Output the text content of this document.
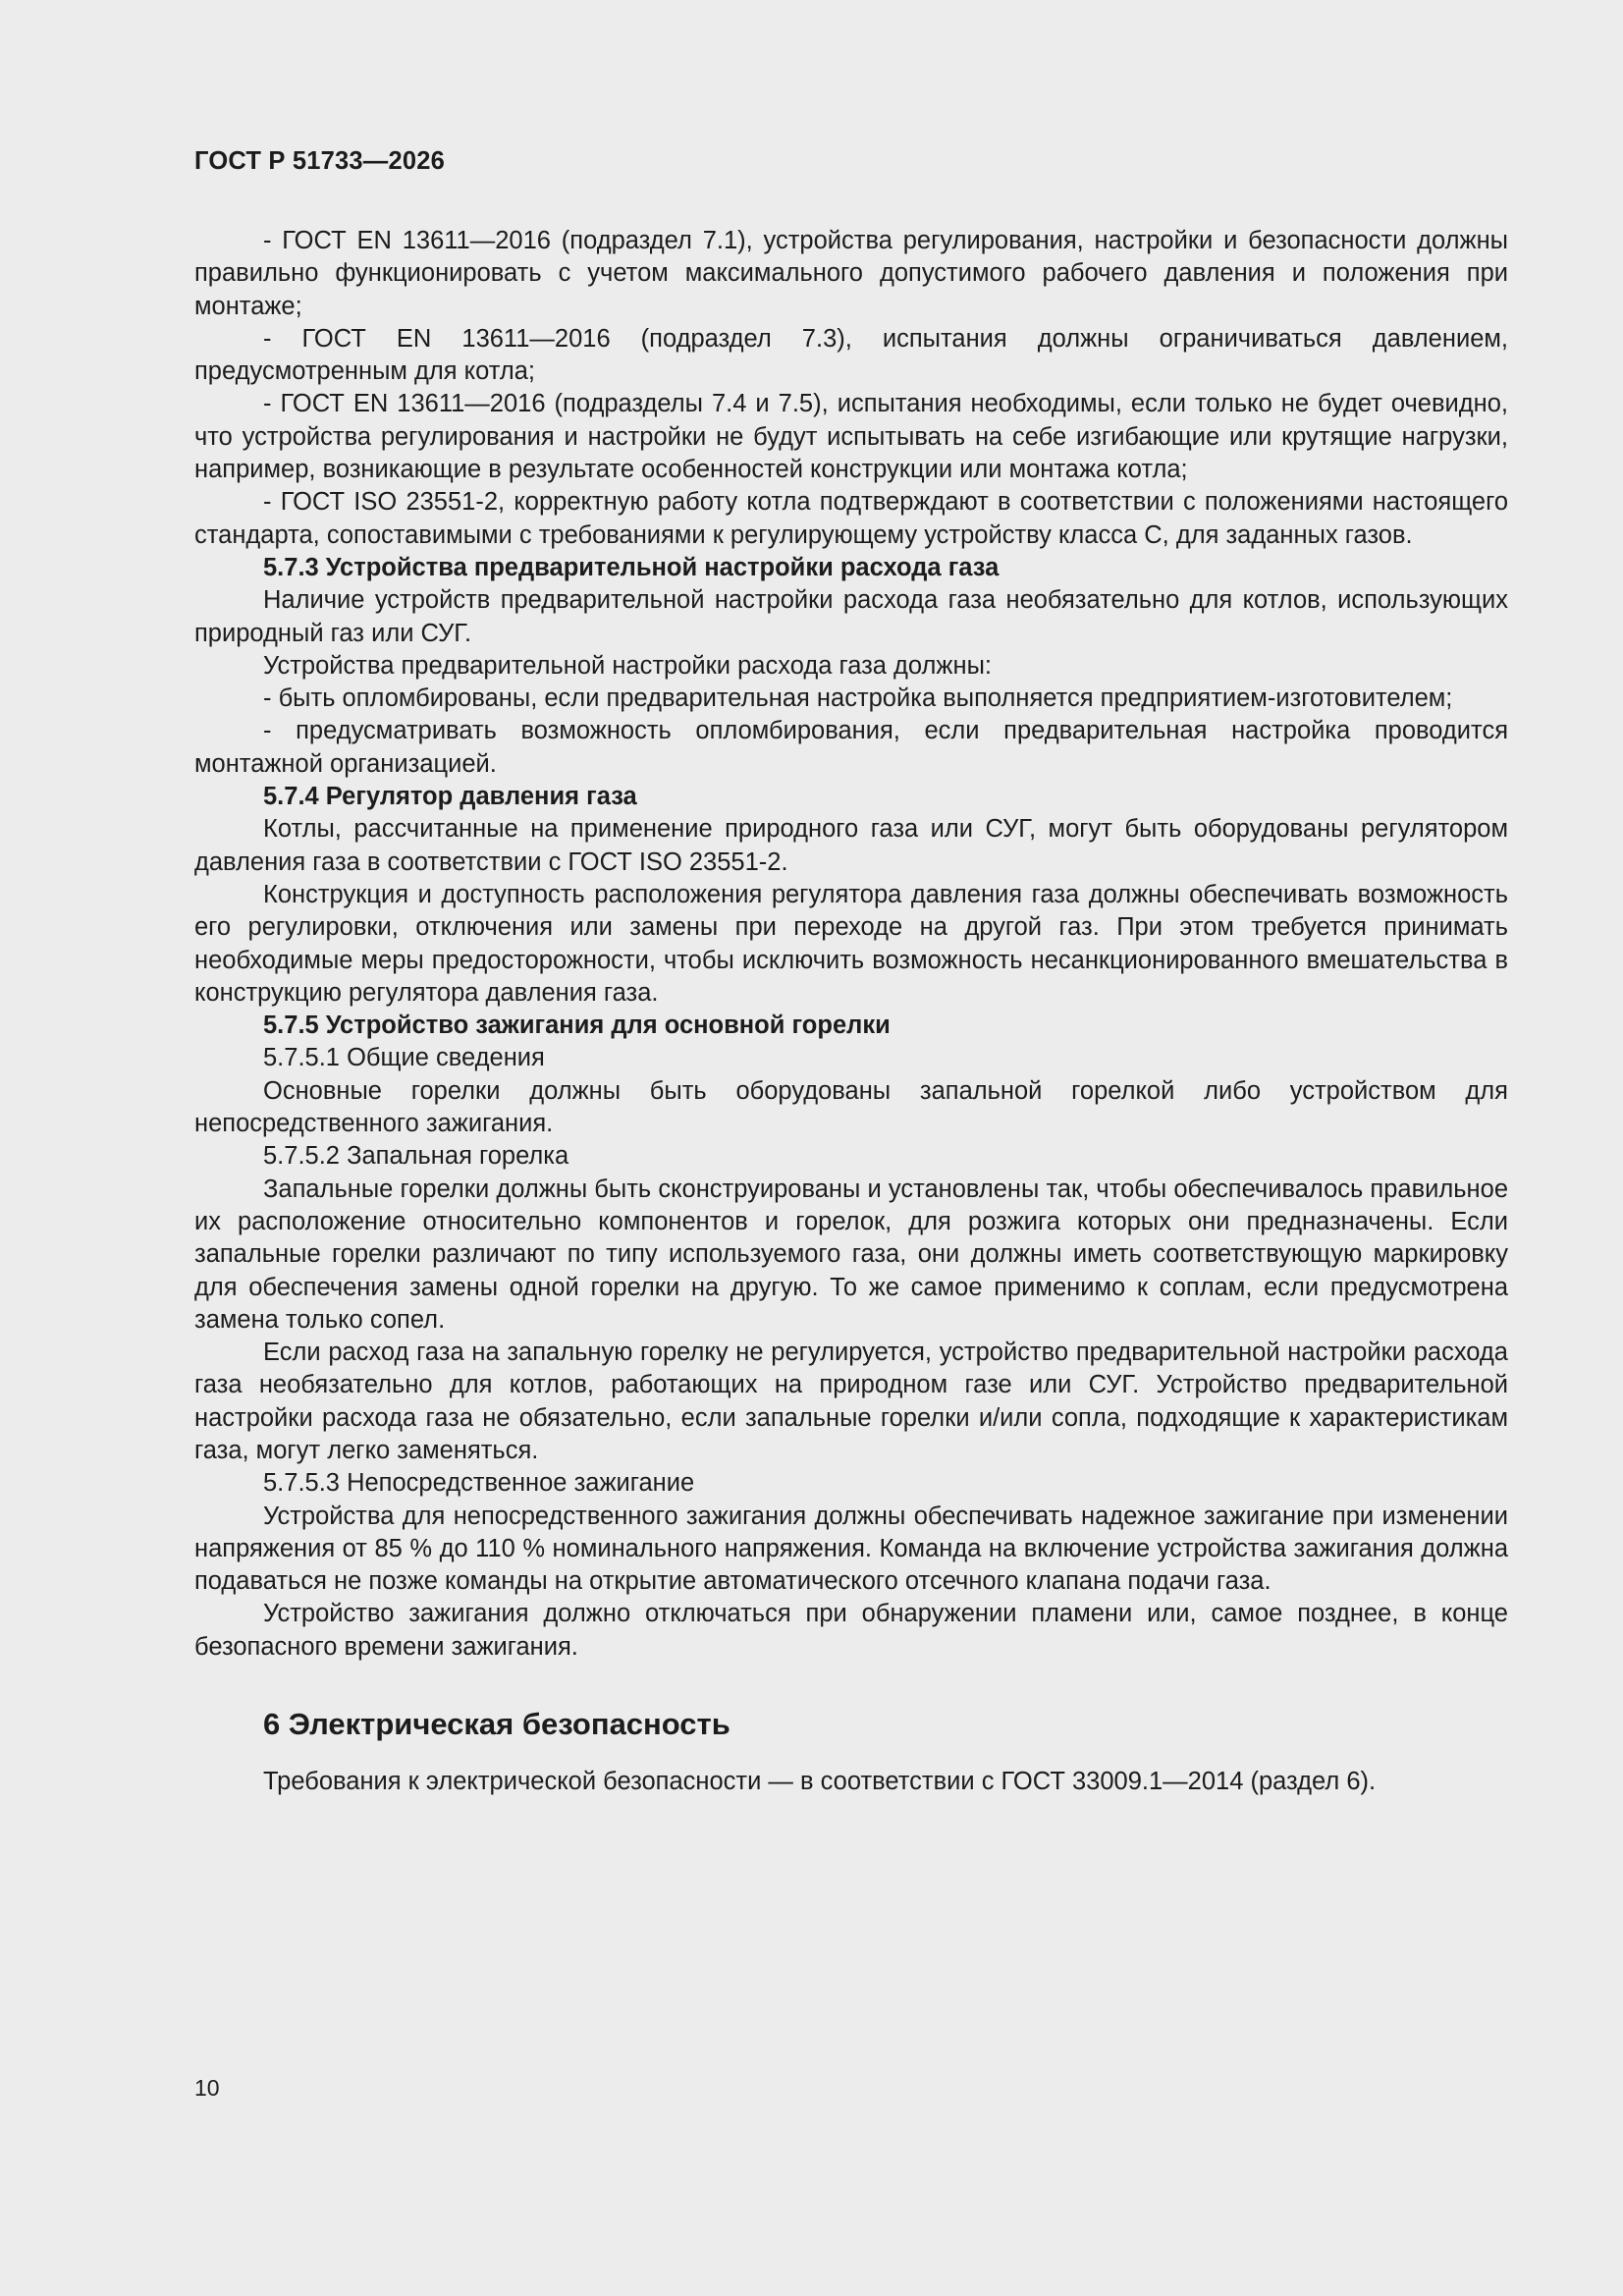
ГОСТ Р 51733—2026

- ГОСТ EN 13611—2016 (подраздел 7.1), устройства регулирования, настройки и безопасности должны правильно функционировать с учетом максимального допустимого рабочего давления и положения при монтаже;

- ГОСТ EN 13611—2016 (подраздел 7.3), испытания должны ограничиваться давлением, предусмотренным для котла;

- ГОСТ EN 13611—2016 (подразделы 7.4 и 7.5), испытания необходимы, если только не будет очевидно, что устройства регулирования и настройки не будут испытывать на себе изгибающие или крутящие нагрузки, например, возникающие в результате особенностей конструкции или монтажа котла;

- ГОСТ ISO 23551-2, корректную работу котла подтверждают в соответствии с положениями настоящего стандарта, сопоставимыми с требованиями к регулирующему устройству класса С, для заданных газов.

5.7.3 Устройства предварительной настройки расхода газа

Наличие устройств предварительной настройки расхода газа необязательно для котлов, использующих природный газ или СУГ.

Устройства предварительной настройки расхода газа должны:

- быть опломбированы, если предварительная настройка выполняется предприятием-изготовителем;

- предусматривать возможность опломбирования, если предварительная настройка проводится монтажной организацией.

5.7.4 Регулятор давления газа

Котлы, рассчитанные на применение природного газа или СУГ, могут быть оборудованы регулятором давления газа в соответствии с ГОСТ ISO 23551-2.

Конструкция и доступность расположения регулятора давления газа должны обеспечивать возможность его регулировки, отключения или замены при переходе на другой газ. При этом требуется принимать необходимые меры предосторожности, чтобы исключить возможность несанкционированного вмешательства в конструкцию регулятора давления газа.

5.7.5 Устройство зажигания для основной горелки

5.7.5.1 Общие сведения

Основные горелки должны быть оборудованы запальной горелкой либо устройством для непосредственного зажигания.

5.7.5.2 Запальная горелка

Запальные горелки должны быть сконструированы и установлены так, чтобы обеспечивалось правильное их расположение относительно компонентов и горелок, для розжига которых они предназначены. Если запальные горелки различают по типу используемого газа, они должны иметь соответствующую маркировку для обеспечения замены одной горелки на другую. То же самое применимо к соплам, если предусмотрена замена только сопел.

Если расход газа на запальную горелку не регулируется, устройство предварительной настройки расхода газа необязательно для котлов, работающих на природном газе или СУГ. Устройство предварительной настройки расхода газа не обязательно, если запальные горелки и/или сопла, подходящие к характеристикам газа, могут легко заменяться.

5.7.5.3 Непосредственное зажигание

Устройства для непосредственного зажигания должны обеспечивать надежное зажигание при изменении напряжения от 85 % до 110 % номинального напряжения. Команда на включение устройства зажигания должна подаваться не позже команды на открытие автоматического отсечного клапана подачи газа.

Устройство зажигания должно отключаться при обнаружении пламени или, самое позднее, в конце безопасного времени зажигания.

6 Электрическая безопасность

Требования к электрической безопасности — в соответствии с ГОСТ 33009.1—2014 (раздел 6).

10
